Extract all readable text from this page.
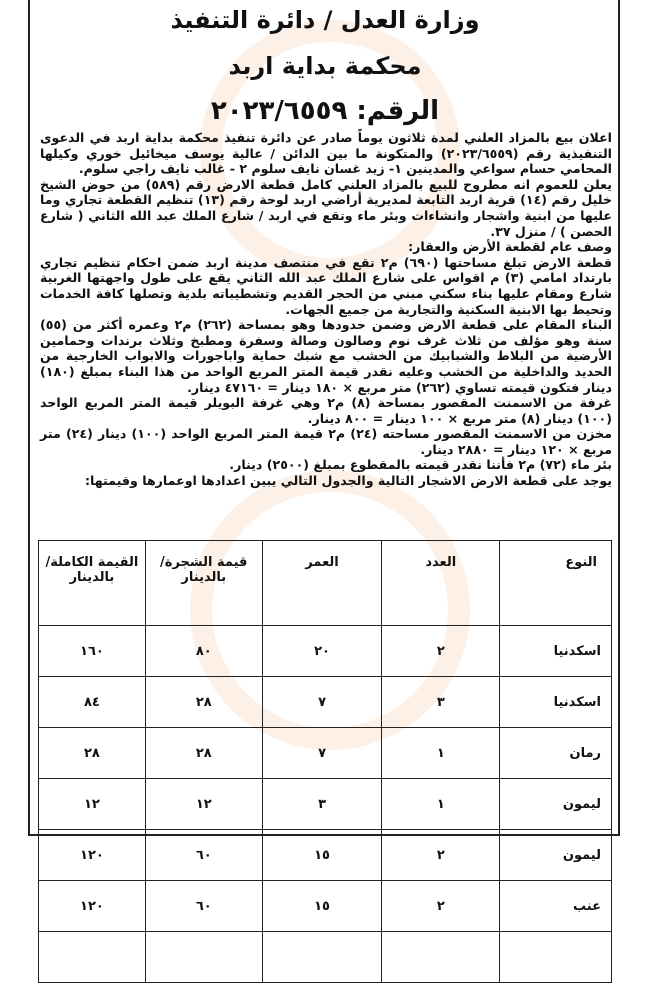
وزارة العدل / دائرة التنفيذ
محكمة بداية اربد
الرقم: ٢٠٢٣/٦٥٥٩

اعلان بيع بالمزاد العلني لمدة ثلاثون يوماً صادر عن دائرة تنفيذ محكمة بداية اربد في الدعوى التنفيذية رقم (٢٠٢٣/٦٥٥٩) والمتكونة ما بين الدائن / عالية يوسف ميخائيل خوري وكيلها المحامي حسام سواعي والمدينين ١- زيد غسان نايف سلوم ٢ - غالب نايف راجي سلوم.

يعلن للعموم انه مطروح للبيع بالمزاد العلني كامل قطعة الارض رقم (٥٨٩) من حوض الشيخ خليل رقم (١٤) قرية اربد التابعة لمديرية أراضي اربد لوحة رقم (١٣) تنظيم القطعة تجاري وما عليها من ابنية واشجار وانشاءات وبئر ماء وتقع في اربد / شارع الملك عبد الله الثاني ( شارع الحصن ) / منزل ٣٧.

وصف عام لقطعة الأرض والعقار:

قطعة الارض تبلغ مساحتها (٦٩٠) م٢ تقع في منتصف مدينة اربد ضمن احكام تنظيم تجاري بارتداد امامي (٣) م اقواس على شارع الملك عبد الله الثاني يقع على طول واجهتها الغربية شارع ومقام عليها بناء سكني مبني من الحجر القديم وتشطيباته بلدية وتصلها كافة الخدمات وتحيط بها الابنية السكنية والتجارية من جميع الجهات.

البناء المقام على قطعة الارض وضمن حدودها وهو بمساحة (٢٦٢) م٢ وعمره أكثر من (٥٥) سنة وهو مؤلف من ثلاث غرف نوم وصالون وصالة وسفرة ومطبخ وثلاث برندات وحمامين الأرضية من البلاط والشبابيك من الخشب مع شبك حماية واباجورات والابواب الخارجية من الحديد والداخلية من الخشب وعليه نقدر قيمة المتر المربع الواحد من هذا البناء بمبلغ (١٨٠) دينار فتكون قيمته تساوي (٢٦٢) متر مربع × ١٨٠ دينار = ٤٧١٦٠ دينار.

غرفة من الاسمنت المقصور بمساحة (٨) م٢ وهي غرفة البويلر قيمة المتر المربع الواحد (١٠٠) دينار (٨) متر مربع × ١٠٠ دينار = ٨٠٠ دينار.

مخزن من الاسمنت المقصور مساحته (٢٤) م٢ قيمة المتر المربع الواحد (١٠٠) دينار (٢٤) متر مربع × ١٢٠ دينار = ٢٨٨٠ دينار.

بئر ماء (٧٢) م٢ فأننا نقدر قيمته بالمقطوع بمبلغ (٢٥٠٠) دينار.

يوجد على قطعة الارض الاشجار التالية والجدول التالي يبين اعدادها اوعمارها وقيمتها:

النوع	العدد	العمر	قيمة الشجرة/ بالدينار	القيمة الكاملة/ بالدينار
اسكدنيا	٢	٢٠	٨٠	١٦٠
اسكدنيا	٣	٧	٢٨	٨٤
رمان	١	٧	٢٨	٢٨
ليمون	١	٣	١٢	١٢
ليمون	٢	١٥	٦٠	١٢٠
عنب	٢	١٥	٦٠	١٢٠
